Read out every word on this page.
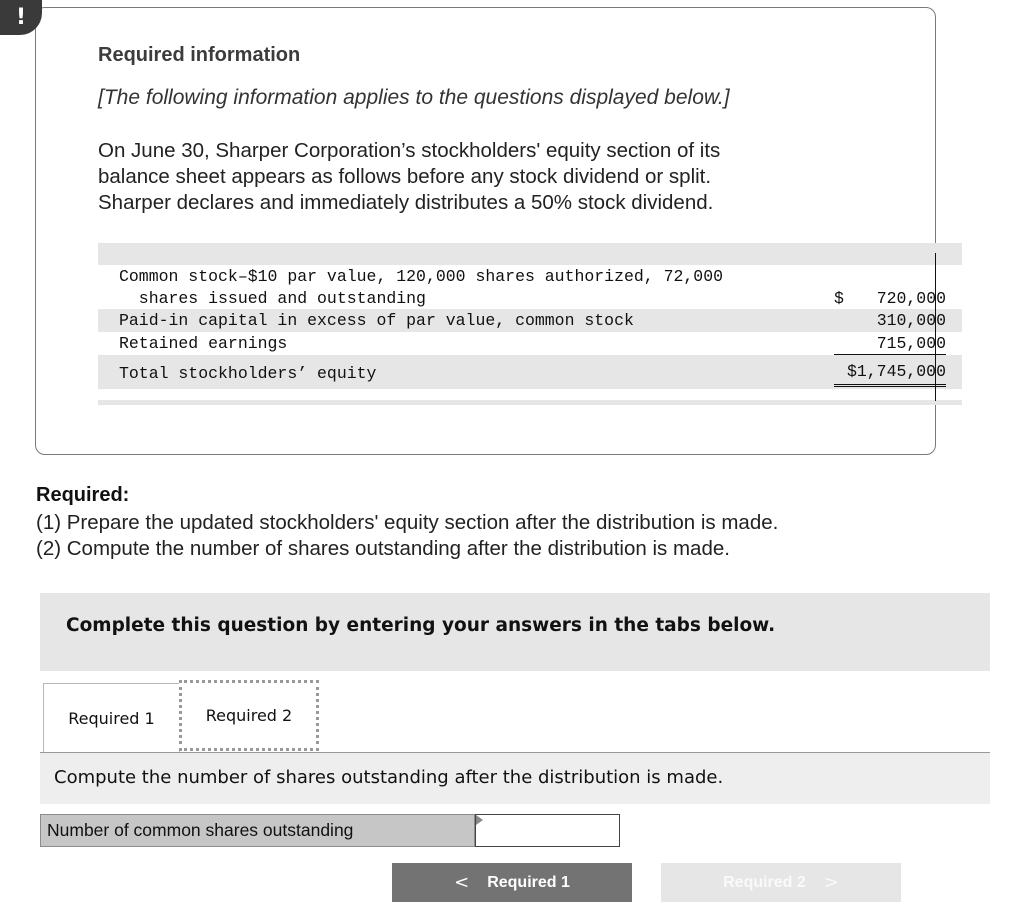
!
Required information
[The following information applies to the questions displayed below.]
On June 30, Sharper Corporation’s stockholders' equity section of its
balance sheet appears as follows before any stock dividend or split.
Sharper declares and immediately distributes a 50% stock dividend.
Common stock–$10 par value, 120,000 shares authorized, 72,000
shares issued and outstanding	$ 720,000
Paid-in capital in excess of par value, common stock	310,000
Retained earnings	715,000
Total stockholders’ equity	$1,745,000
Required:
(1) Prepare the updated stockholders' equity section after the distribution is made.
(2) Compute the number of shares outstanding after the distribution is made.
Complete this question by entering your answers in the tabs below.
Required 1	Required 2
Compute the number of shares outstanding after the distribution is made.
Number of common shares outstanding
< Required 1	Required 2 >
